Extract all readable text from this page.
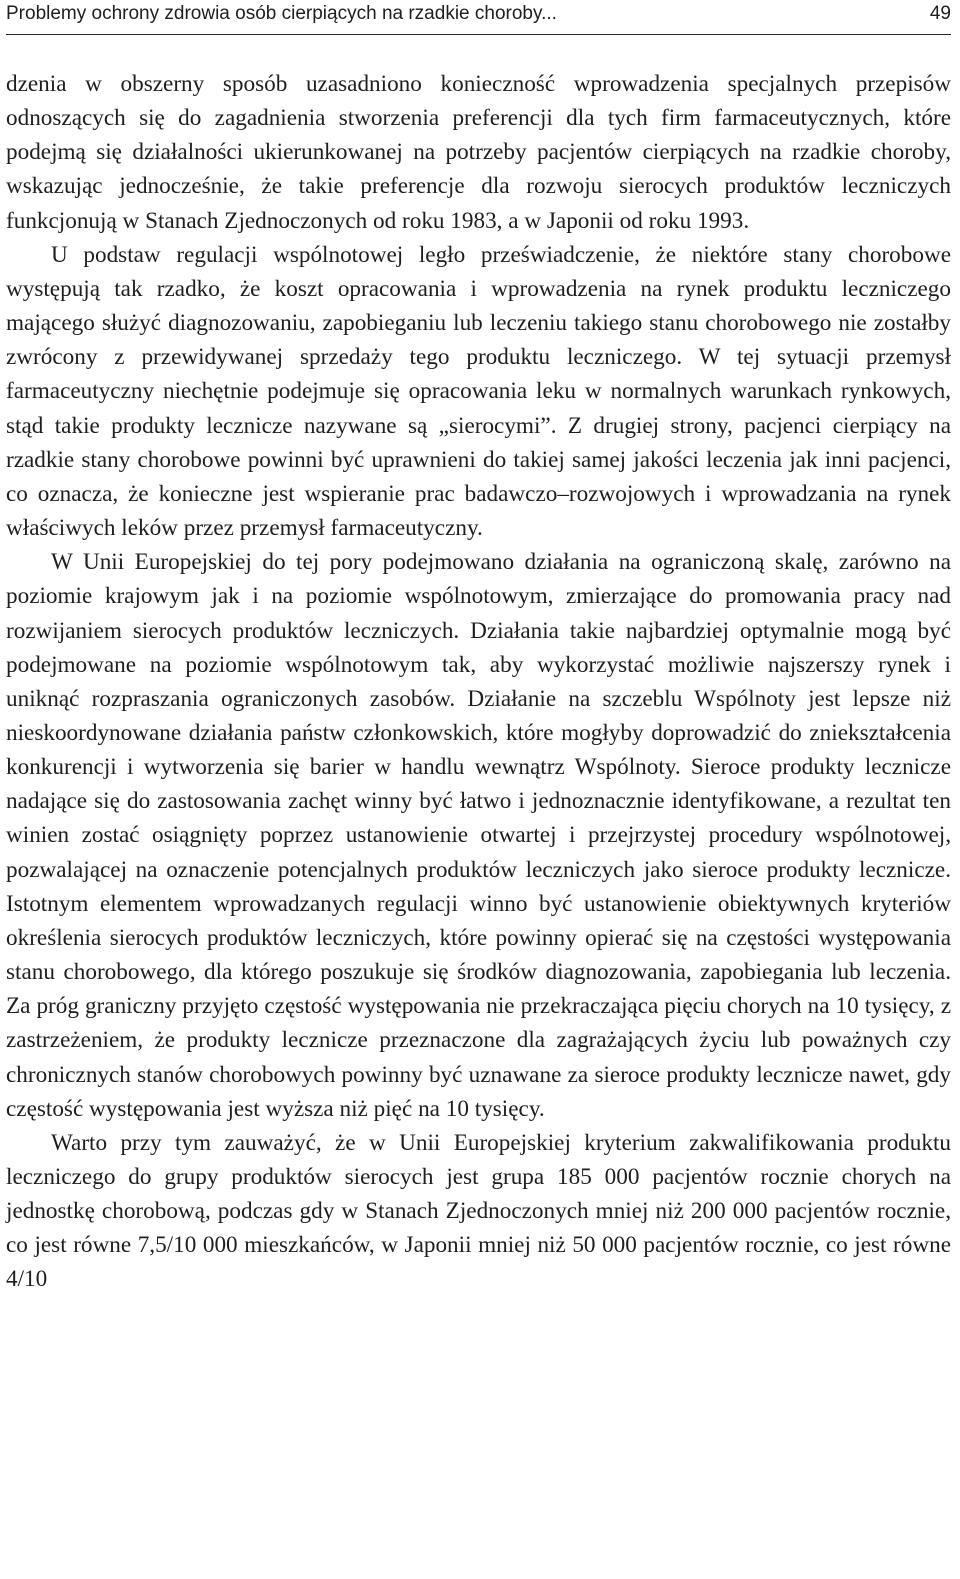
Problemy ochrony zdrowia osób cierpiących na rzadkie choroby...	49

dzenia w obszerny sposób uzasadniono konieczność wprowadzenia specjalnych przepisów odnoszących się do zagadnienia stworzenia preferencji dla tych firm farmaceutycznych, które podejmą się działalności ukierunkowanej na potrzeby pacjentów cierpiących na rzadkie choroby, wskazując jednocześnie, że takie preferencje dla rozwoju sierocych produktów leczniczych funkcjonują w Stanach Zjednoczonych od roku 1983, a w Japonii od roku 1993.

U podstaw regulacji wspólnotowej legło przeświadczenie, że niektóre stany chorobowe występują tak rzadko, że koszt opracowania i wprowadzenia na rynek produktu leczniczego mającego służyć diagnozowaniu, zapobieganiu lub leczeniu takiego stanu chorobowego nie zostałby zwrócony z przewidywanej sprzedaży tego produktu leczniczego. W tej sytuacji przemysł farmaceutyczny niechętnie podejmuje się opracowania leku w normalnych warunkach rynkowych, stąd takie produkty lecznicze nazywane są „sierocymi”. Z drugiej strony, pacjenci cierpiący na rzadkie stany chorobowe powinni być uprawnieni do takiej samej jakości leczenia jak inni pacjenci, co oznacza, że konieczne jest wspieranie prac badawczo–rozwojowych i wprowadzania na rynek właściwych leków przez przemysł farmaceutyczny.

W Unii Europejskiej do tej pory podejmowano działania na ograniczoną skalę, zarówno na poziomie krajowym jak i na poziomie wspólnotowym, zmierzające do promowania pracy nad rozwijaniem sierocych produktów leczniczych. Działania takie najbardziej optymalnie mogą być podejmowane na poziomie wspólnotowym tak, aby wykorzystać możliwie najszerszy rynek i uniknąć rozpraszania ograniczonych zasobów. Działanie na szczeblu Wspólnoty jest lepsze niż nieskoordynowane działania państw członkowskich, które mogłyby doprowadzić do zniekształcenia konkurencji i wytworzenia się barier w handlu wewnątrz Wspólnoty. Sieroce produkty lecznicze nadające się do zastosowania zachęt winny być łatwo i jednoznacznie identyfikowane, a rezultat ten winien zostać osiągnięty poprzez ustanowienie otwartej i przejrzystej procedury wspólnotowej, pozwalającej na oznaczenie potencjalnych produktów leczniczych jako sieroce produkty lecznicze. Istotnym elementem wprowadzanych regulacji winno być ustanowienie obiektywnych kryteriów określenia sierocych produktów leczniczych, które powinny opierać się na częstości występowania stanu chorobowego, dla którego poszukuje się środków diagnozowania, zapobiegania lub leczenia. Za próg graniczny przyjęto częstość występowania nie przekraczająca pięciu chorych na 10 tysięcy, z zastrzeżeniem, że produkty lecznicze przeznaczone dla zagrażających życiu lub poważnych czy chronicznych stanów chorobowych powinny być uznawane za sieroce produkty lecznicze nawet, gdy częstość występowania jest wyższa niż pięć na 10 tysięcy.

Warto przy tym zauważyć, że w Unii Europejskiej kryterium zakwalifikowania produktu leczniczego do grupy produktów sierocych jest grupa 185 000 pacjentów rocznie chorych na jednostkę chorobową, podczas gdy w Stanach Zjednoczonych mniej niż 200 000 pacjentów rocznie, co jest równe 7,5/10 000 mieszkańców, w Japonii mniej niż 50 000 pacjentów rocznie, co jest równe 4/10
